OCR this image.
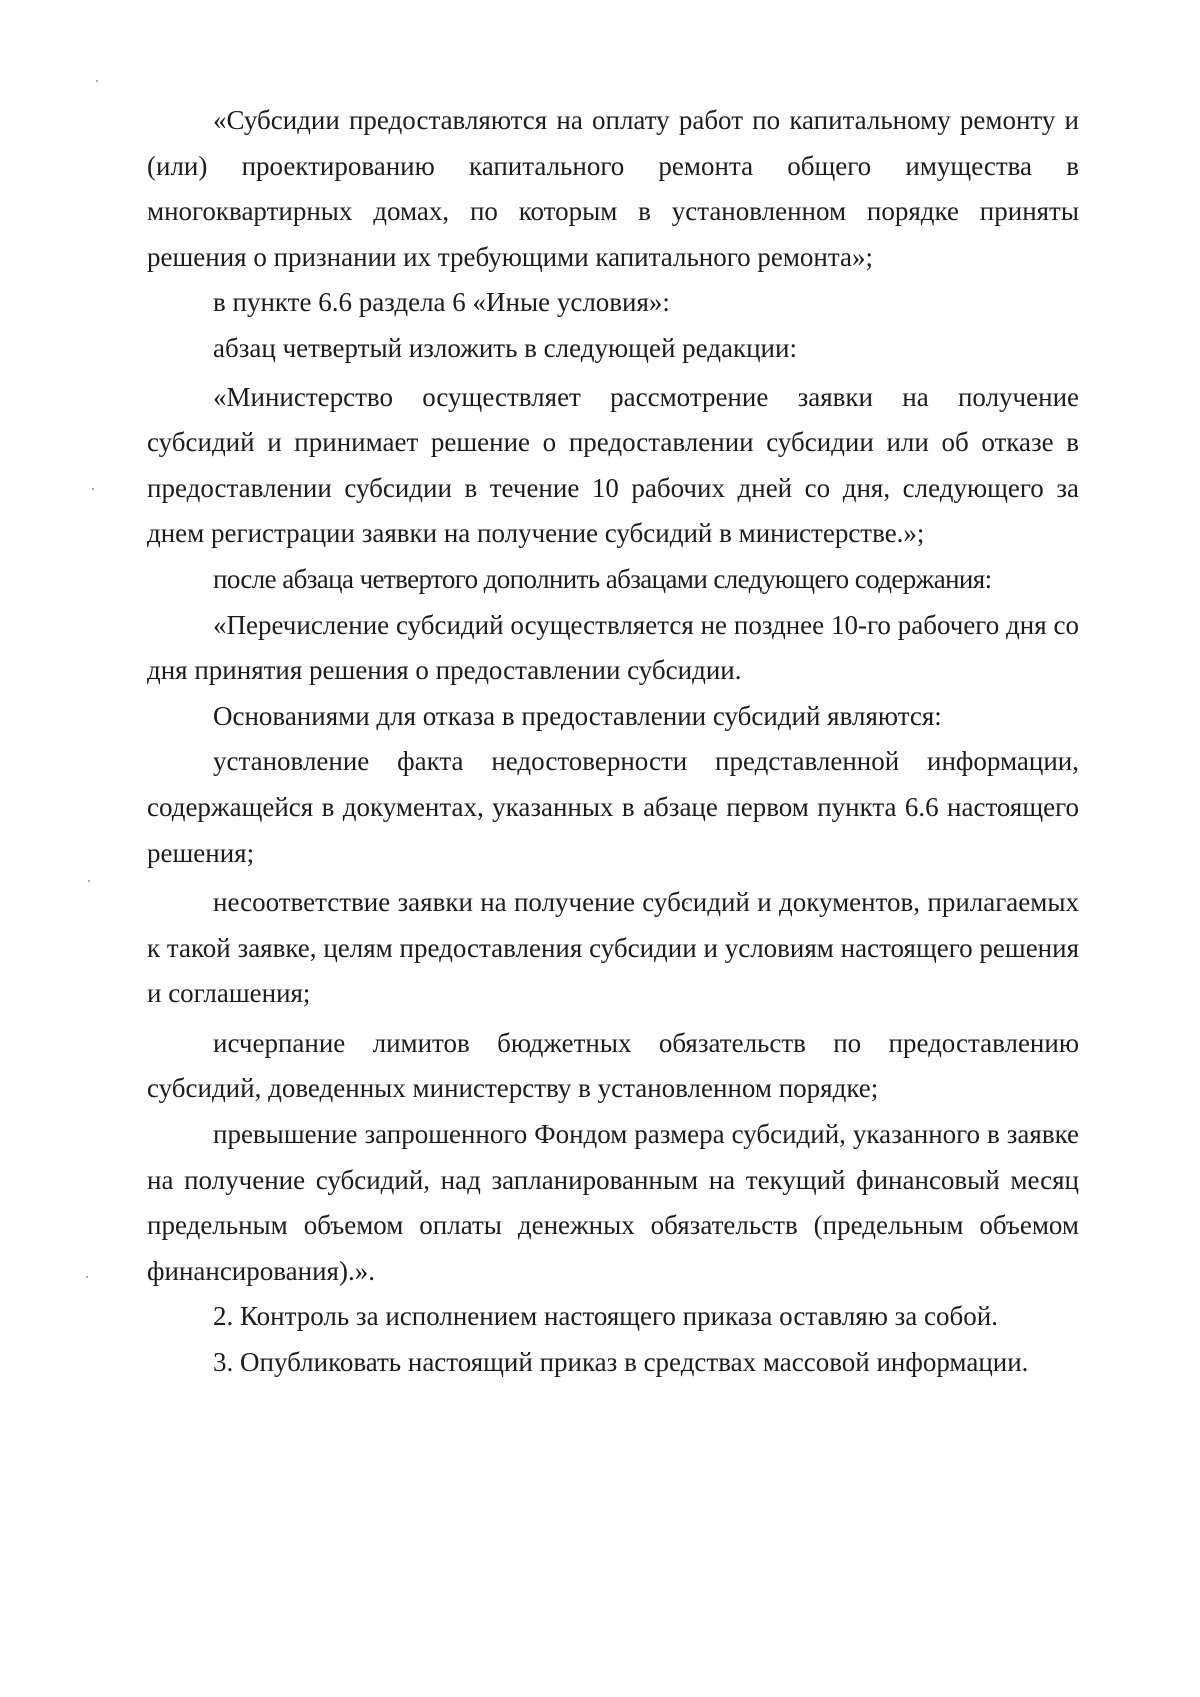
«Субсидии предоставляются на оплату работ по капитальному ремонту и (или) проектированию капитального ремонта общего имущества в многоквартирных домах, по которым в установленном порядке приняты решения о признании их требующими капитального ремонта»;

в пункте 6.6 раздела 6 «Иные условия»:

абзац четвертый изложить в следующей редакции:

«Министерство осуществляет рассмотрение заявки на получение субсидий и принимает решение о предоставлении субсидии или об отказе в предоставлении субсидии в течение 10 рабочих дней со дня, следующего за днем регистрации заявки на получение субсидий в министерстве.»;

после абзаца четвертого дополнить абзацами следующего содержания:

«Перечисление субсидий осуществляется не позднее 10-го рабочего дня со дня принятия решения о предоставлении субсидии.

Основаниями для отказа в предоставлении субсидий являются:

установление факта недостоверности представленной информации, содержащейся в документах, указанных в абзаце первом пункта 6.6 настоящего решения;

несоответствие заявки на получение субсидий и документов, прилагаемых к такой заявке, целям предоставления субсидии и условиям настоящего решения и соглашения;

исчерпание лимитов бюджетных обязательств по предоставлению субсидий, доведенных министерству в установленном порядке;

превышение запрошенного Фондом размера субсидий, указанного в заявке на получение субсидий, над запланированным на текущий финансовый месяц предельным объемом оплаты денежных обязательств (предельным объемом финансирования).».

2. Контроль за исполнением настоящего приказа оставляю за собой.

3. Опубликовать настоящий приказ в средствах массовой информации.
